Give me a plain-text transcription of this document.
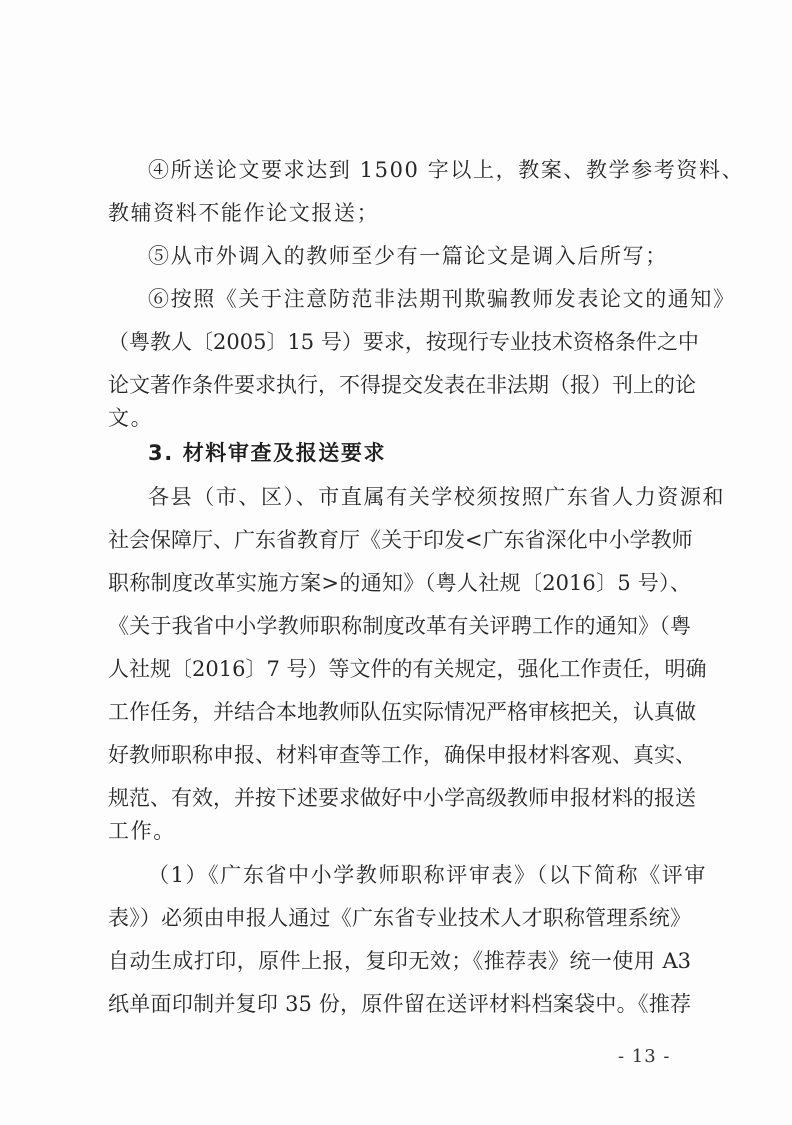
④所送论文要求达到 1500 字以上，教案、教学参考资料、
教辅资料不能作论文报送；
⑤从市外调入的教师至少有一篇论文是调入后所写；
⑥按照《关于注意防范非法期刊欺骗教师发表论文的通知》
（粤教人〔2005〕15 号）要求，按现行专业技术资格条件之中
论文著作条件要求执行，不得提交发表在非法期（报）刊上的论
文。
3. 材料审查及报送要求
各县（市、区）、市直属有关学校须按照广东省人力资源和
社会保障厅、广东省教育厅《关于印发<广东省深化中小学教师
职称制度改革实施方案>的通知》（粤人社规〔2016〕5 号）、
《关于我省中小学教师职称制度改革有关评聘工作的通知》（粤
人社规〔2016〕7 号）等文件的有关规定，强化工作责任，明确
工作任务，并结合本地教师队伍实际情况严格审核把关，认真做
好教师职称申报、材料审查等工作，确保申报材料客观、真实、
规范、有效，并按下述要求做好中小学高级教师申报材料的报送
工作。
（1）《广东省中小学教师职称评审表》（以下简称《评审
表》）必须由申报人通过《广东省专业技术人才职称管理系统》
自动生成打印，原件上报，复印无效；《推荐表》统一使用 A3
纸单面印制并复印 35 份，原件留在送评材料档案袋中。《推荐
- 13 -
